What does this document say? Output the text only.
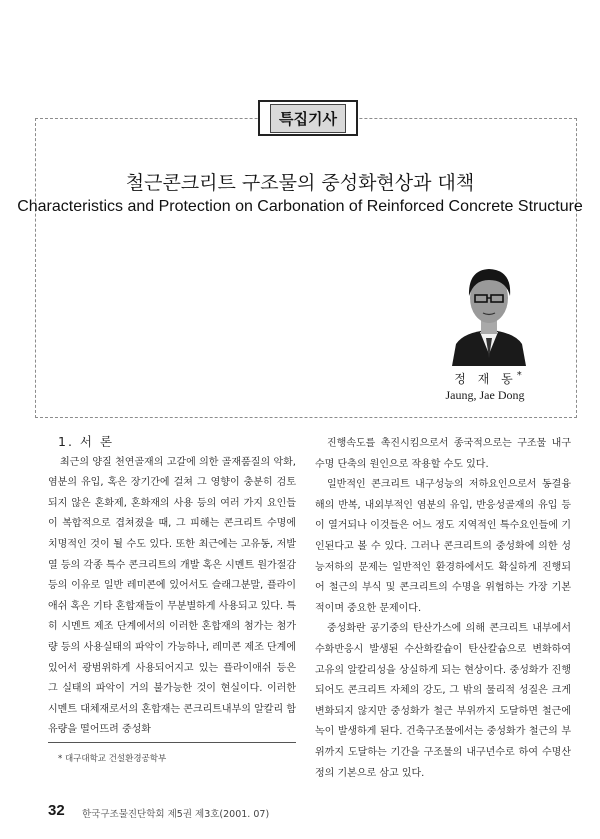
특집기사
철근콘크리트 구조물의 중성화현상과 대책
Characteristics and Protection on Carbonation of Reinforced Concrete Structure
정 재 동*
Jaung, Jae Dong

1. 서 론

최근의 양질 천연골재의 고갈에 의한 골재품질의 악화, 염분의 유입, 혹은 장기간에 걸쳐 그 영향이 충분히 검토되지 않은 혼화제, 혼화재의 사용 등의 여러 가지 요인들이 복합적으로 겹쳐졌을 때, 그 피해는 콘크리트 수명에 치명적인 것이 될 수도 있다. 또한 최근에는 고유동, 저발열 등의 각종 특수 콘크리트의 개발 혹은 시멘트 원가절감 등의 이유로 일반 레미콘에 있어서도 슬래그분말, 플라이애쉬 혹은 기타 혼합재들이 무분별하게 사용되고 있다. 특히 시멘트 제조 단계에서의 이러한 혼합재의 첨가는 첨가량 등의 사용실태의 파악이 가능하나, 레미콘 제조 단계에 있어서 광범위하게 사용되어지고 있는 플라이애쉬 등은 그 실태의 파악이 거의 불가능한 것이 현실이다. 이러한 시멘트 대체재로서의 혼합재는 콘크리트내부의 알칼리 함유량을 떨어뜨려 중성화

진행속도를 촉진시킴으로서 종국적으로는 구조물 내구수명 단축의 원인으로 작용할 수도 있다.

일반적인 콘크리트 내구성능의 저하요인으로서 동결융해의 반복, 내외부적인 염분의 유입, 반응성골재의 유입 등이 열거되나 이것들은 어느 정도 지역적인 특수요인들에 기인된다고 볼 수 있다. 그러나 콘크리트의 중성화에 의한 성능저하의 문제는 일반적인 환경하에서도 확실하게 진행되어 철근의 부식 및 콘크리트의 수명을 위협하는 가장 기본적이며 중요한 문제이다.

중성화란 공기중의 탄산가스에 의해 콘크리트 내부에서 수화반응시 발생된 수산화칼슘이 탄산칼슘으로 변화하여 고유의 알칼리성을 상실하게 되는 현상이다. 중성화가 진행되어도 콘크리트 자체의 강도, 그 밖의 물리적 성질은 크게 변화되지 않지만 중성화가 철근 부위까지 도달하면 철근에 녹이 발생하게 된다. 건축구조물에서는 중성화가 철근의 부위까지 도달하는 기간을 구조물의 내구년수로 하여 수명산정의 기본으로 삼고 있다.

* 대구대학교 건설환경공학부
32 한국구조물진단학회 제5권 제3호(2001. 07)
